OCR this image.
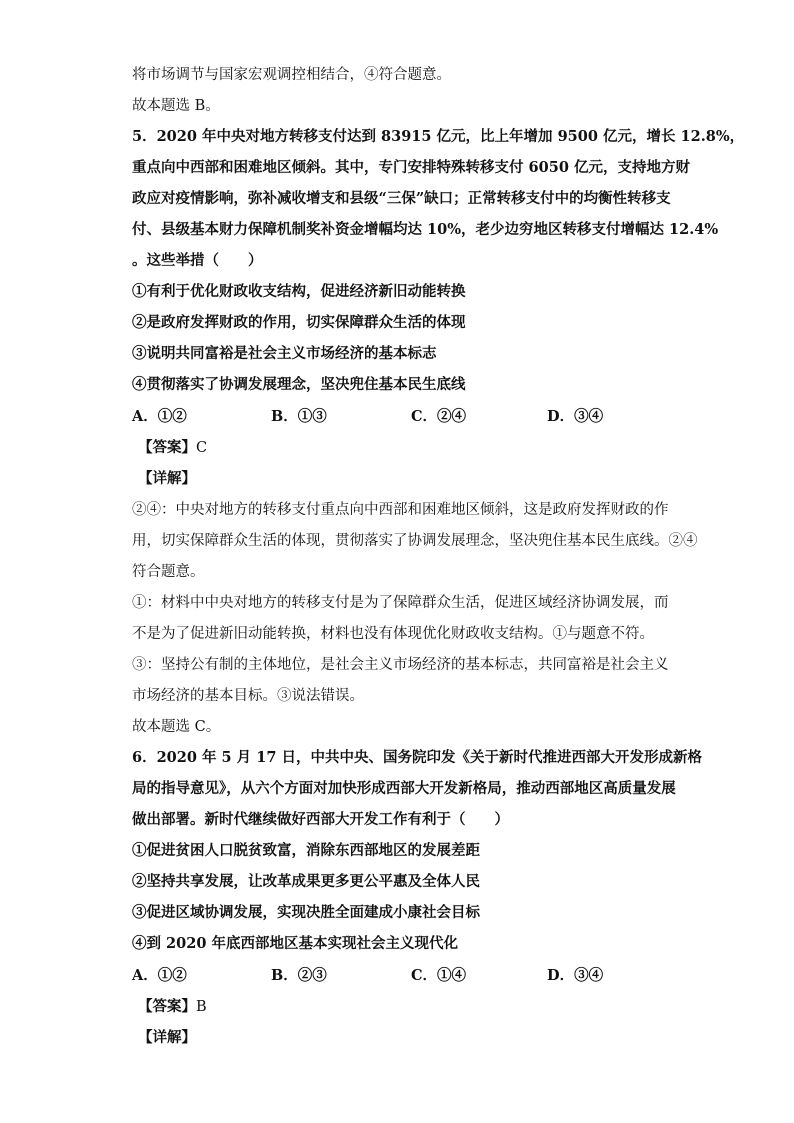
将市场调节与国家宏观调控相结合，④符合题意。
故本题选 B。
5．2020 年中央对地方转移支付达到 83915 亿元，比上年增加 9500 亿元，增长 12.8%，
重点向中西部和困难地区倾斜。其中，专门安排特殊转移支付 6050 亿元，支持地方财
政应对疫情影响，弥补减收增支和县级“三保”缺口；正常转移支付中的均衡性转移支
付、县级基本财力保障机制奖补资金增幅均达 10%，老少边穷地区转移支付增幅达 12.4%
。这些举措（　　）
①有利于优化财政收支结构，促进经济新旧动能转换
②是政府发挥财政的作用，切实保障群众生活的体现
③说明共同富裕是社会主义市场经济的基本标志
④贯彻落实了协调发展理念，坚决兜住基本民生底线
A．①②	B．①③	C．②④	D．③④
【答案】C
【详解】
②④：中央对地方的转移支付重点向中西部和困难地区倾斜，这是政府发挥财政的作
用，切实保障群众生活的体现，贯彻落实了协调发展理念，坚决兜住基本民生底线。②④
符合题意。
①：材料中中央对地方的转移支付是为了保障群众生活，促进区域经济协调发展，而
不是为了促进新旧动能转换，材料也没有体现优化财政收支结构。①与题意不符。
③：坚持公有制的主体地位，是社会主义市场经济的基本标志，共同富裕是社会主义
市场经济的基本目标。③说法错误。
故本题选 C。
6．2020 年 5 月 17 日，中共中央、国务院印发《关于新时代推进西部大开发形成新格
局的指导意见》，从六个方面对加快形成西部大开发新格局，推动西部地区高质量发展
做出部署。新时代继续做好西部大开发工作有利于（　　）
①促进贫困人口脱贫致富，消除东西部地区的发展差距
②坚持共享发展，让改革成果更多更公平惠及全体人民
③促进区域协调发展，实现决胜全面建成小康社会目标
④到 2020 年底西部地区基本实现社会主义现代化
A．①②	B．②③	C．①④	D．③④
【答案】B
【详解】
